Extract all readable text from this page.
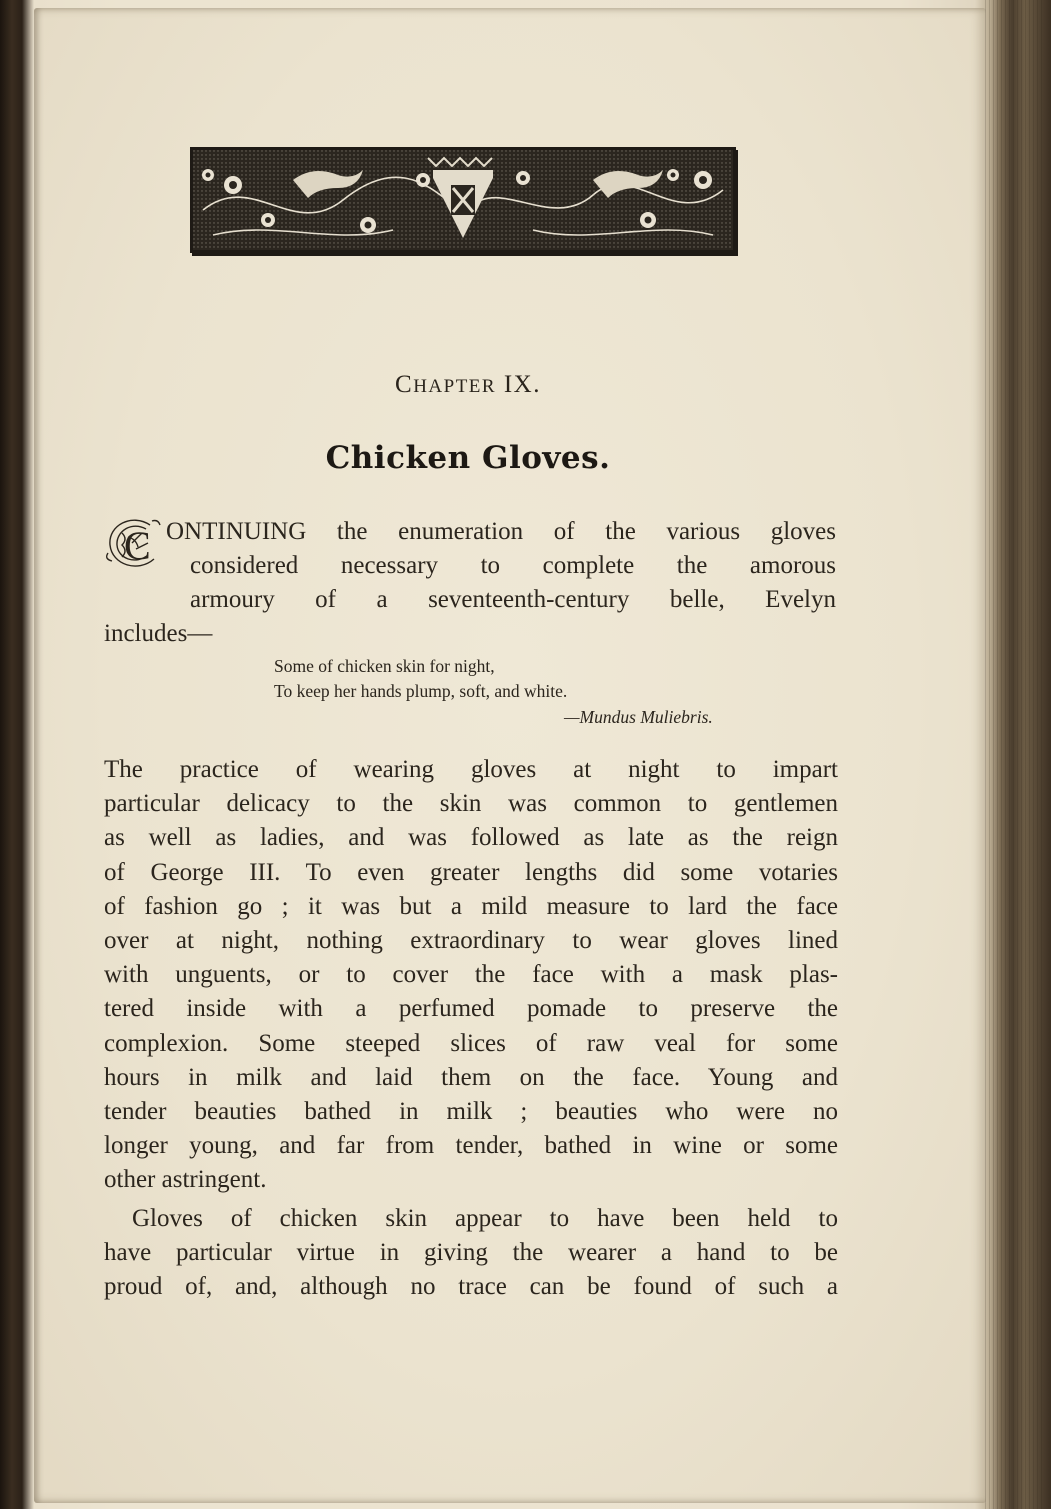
CHAPTER IX.
Chicken Gloves.
C ONTINUING the enumeration of the various gloves
considered necessary to complete the amorous
armoury of a seventeenth-century belle, Evelyn
includes—
Some of chicken skin for night,
To keep her hands plump, soft, and white.
—Mundus Muliebris.
The practice of wearing gloves at night to impart
particular delicacy to the skin was common to gentlemen
as well as ladies, and was followed as late as the reign
of George III. To even greater lengths did some votaries
of fashion go ; it was but a mild measure to lard the face
over at night, nothing extraordinary to wear gloves lined
with unguents, or to cover the face with a mask plas-
tered inside with a perfumed pomade to preserve the
complexion. Some steeped slices of raw veal for some
hours in milk and laid them on the face. Young and
tender beauties bathed in milk ; beauties who were no
longer young, and far from tender, bathed in wine or some
other astringent.
Gloves of chicken skin appear to have been held to
have particular virtue in giving the wearer a hand to be
proud of, and, although no trace can be found of such a
